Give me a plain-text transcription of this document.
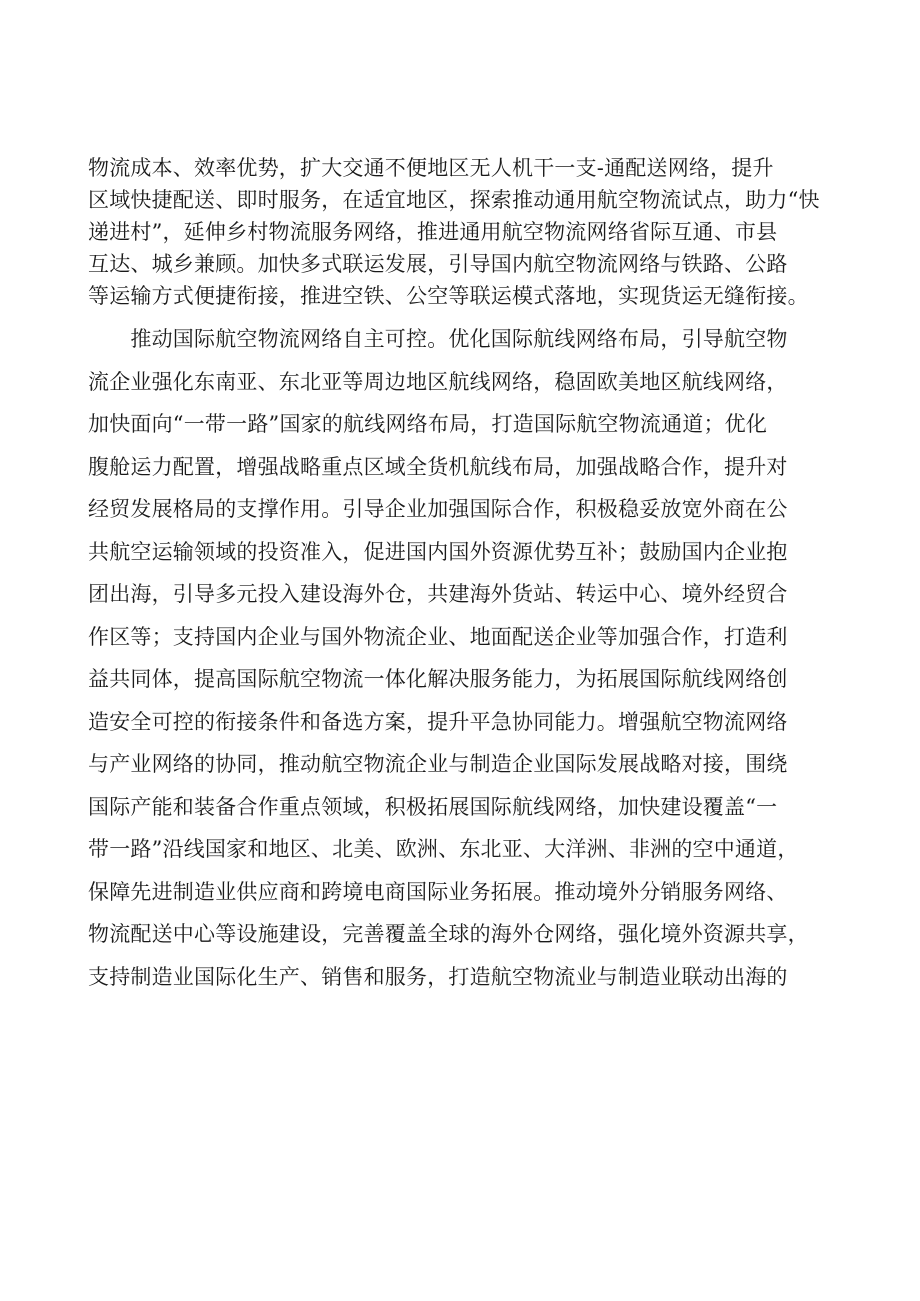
物流成本、效率优势，扩大交通不便地区无人机干一支-通配送网络，提升
区域快捷配送、即时服务，在适宜地区，探索推动通用航空物流试点，助力“快
递进村”，延伸乡村物流服务网络，推进通用航空物流网络省际互通、市县
互达、城乡兼顾。加快多式联运发展，引导国内航空物流网络与铁路、公路
等运输方式便捷衔接，推进空铁、公空等联运模式落地，实现货运无缝衔接。
　　推动国际航空物流网络自主可控。优化国际航线网络布局，引导航空物
流企业强化东南亚、东北亚等周边地区航线网络，稳固欧美地区航线网络，
加快面向“一带一路”国家的航线网络布局，打造国际航空物流通道；优化
腹舱运力配置，增强战略重点区域全货机航线布局，加强战略合作，提升对
经贸发展格局的支撑作用。引导企业加强国际合作，积极稳妥放宽外商在公
共航空运输领域的投资准入，促进国内国外资源优势互补；鼓励国内企业抱
团出海，引导多元投入建设海外仓，共建海外货站、转运中心、境外经贸合
作区等；支持国内企业与国外物流企业、地面配送企业等加强合作，打造利
益共同体，提高国际航空物流一体化解决服务能力，为拓展国际航线网络创
造安全可控的衔接条件和备选方案，提升平急协同能力。增强航空物流网络
与产业网络的协同，推动航空物流企业与制造企业国际发展战略对接，围绕
国际产能和装备合作重点领域，积极拓展国际航线网络，加快建设覆盖“一
带一路”沿线国家和地区、北美、欧洲、东北亚、大洋洲、非洲的空中通道，
保障先进制造业供应商和跨境电商国际业务拓展。推动境外分销服务网络、
物流配送中心等设施建设，完善覆盖全球的海外仓网络，强化境外资源共享，
支持制造业国际化生产、销售和服务，打造航空物流业与制造业联动出海的
